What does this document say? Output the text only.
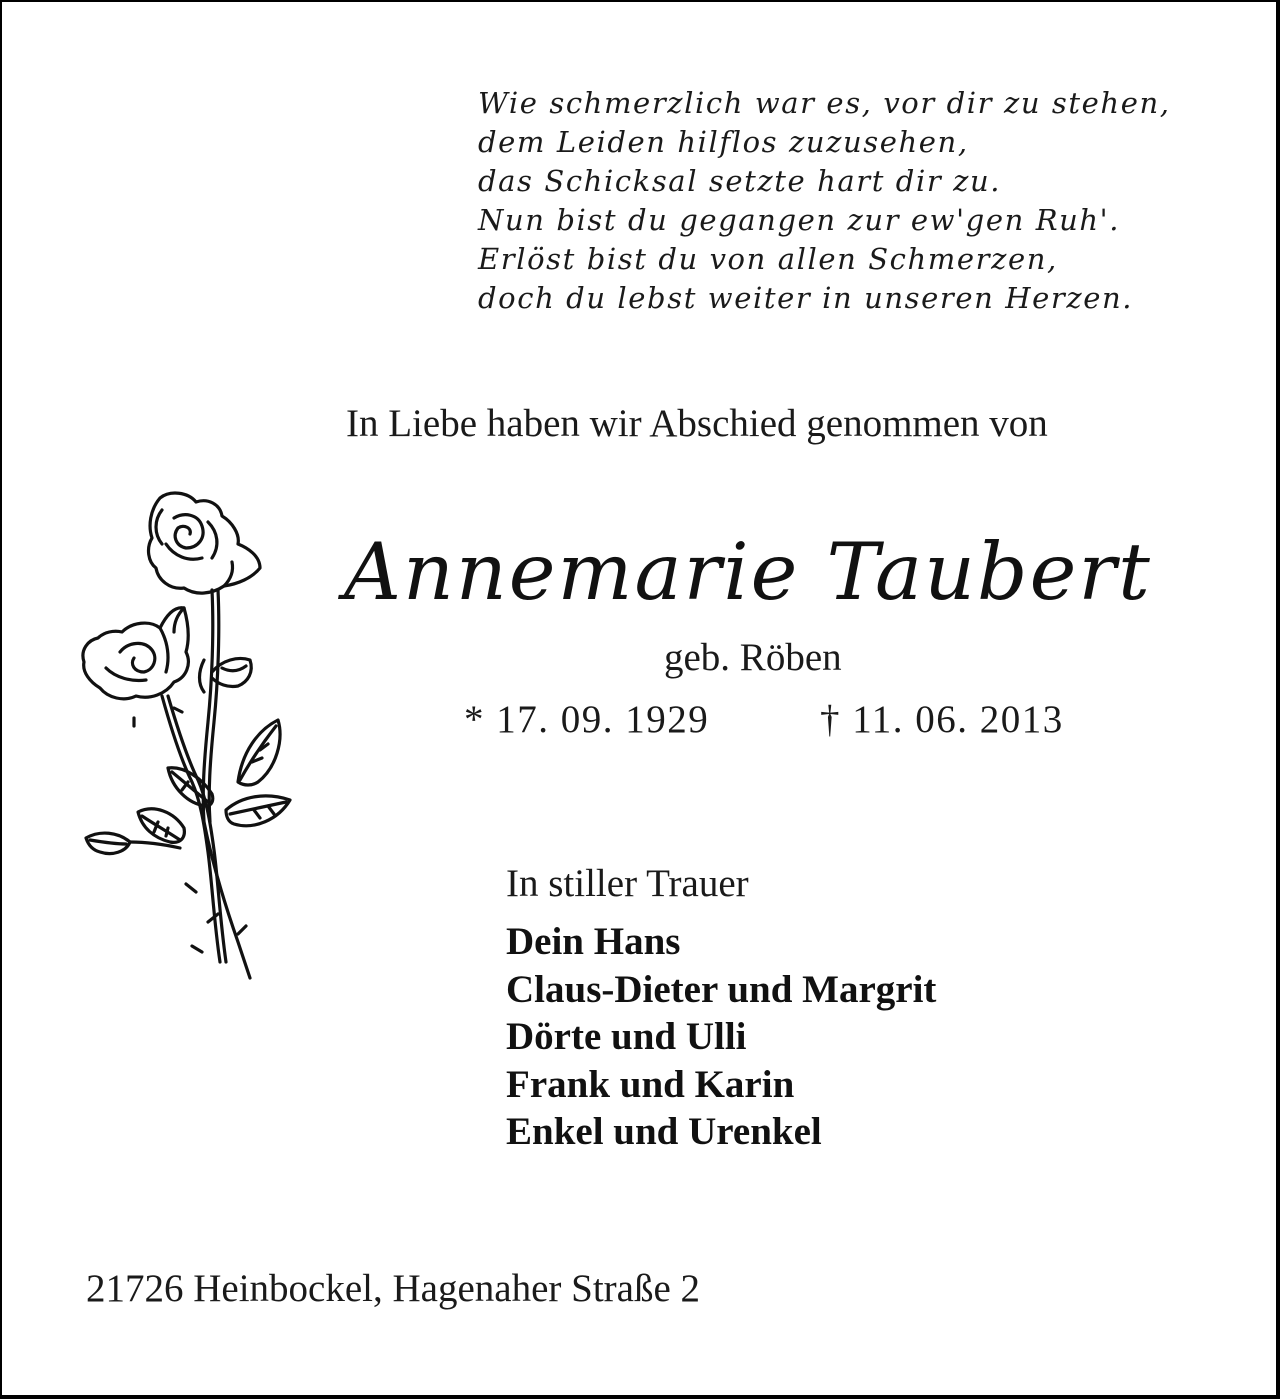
Wie schmerzlich war es, vor dir zu stehen,
dem Leiden hilflos zuzusehen,
das Schicksal setzte hart dir zu.
Nun bist du gegangen zur ew'gen Ruh'.
Erlöst bist du von allen Schmerzen,
doch du lebst weiter in unseren Herzen.
In Liebe haben wir Abschied genommen von
Annemarie Taubert
geb. Röben
* 17. 09. 1929	† 11. 06. 2013
In stiller Trauer
Dein Hans
Claus-Dieter und Margrit
Dörte und Ulli
Frank und Karin
Enkel und Urenkel
21726 Heinbockel, Hagenaher Straße 2
